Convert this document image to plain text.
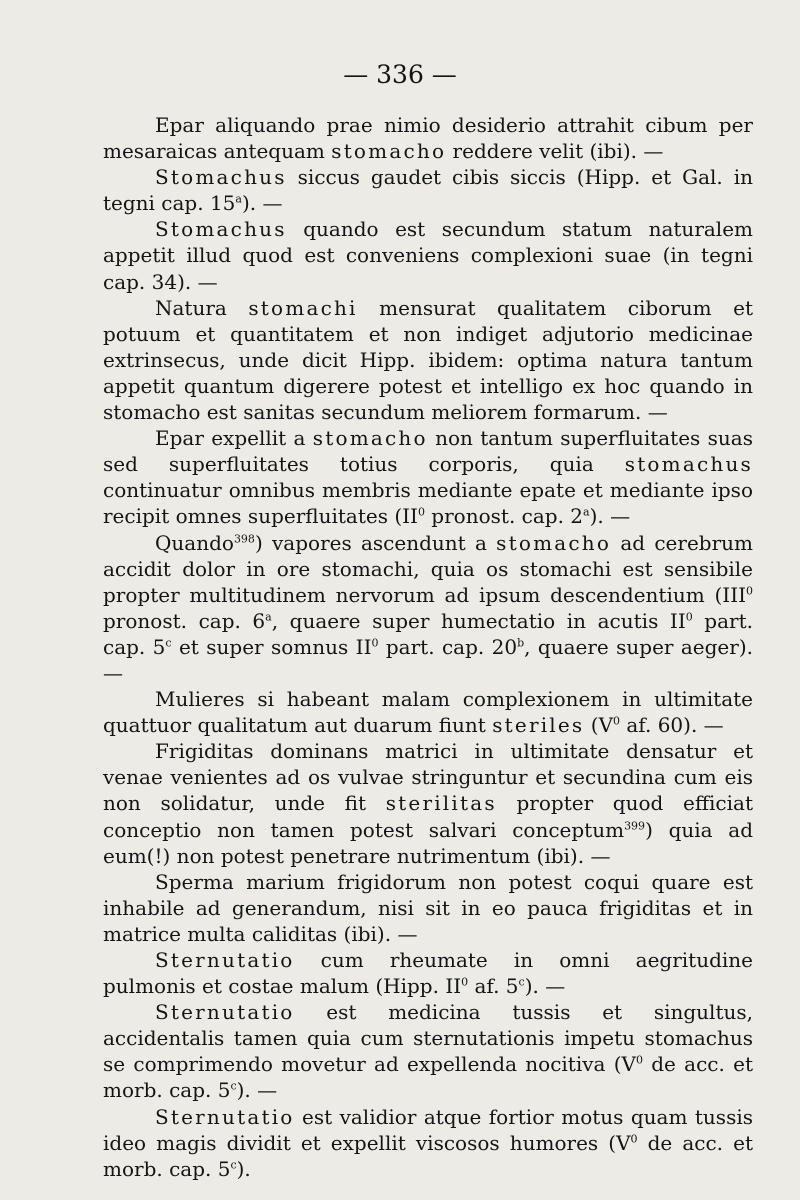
— 336 —

Epar aliquando prae nimio desiderio attrahit cibum per mesaraicas antequam stomacho reddere velit (ibi). —

Stomachus siccus gaudet cibis siccis (Hipp. et Gal. in tegni cap. 15$^a$). —

Stomachus quando est secundum statum naturalem appetit illud quod est conveniens complexioni suae (in tegni cap. 34). —

Natura stomachi mensurat qualitatem ciborum et potuum et quantitatem et non indiget adjutorio medicinae extrinsecus, unde dicit Hipp. ibidem: optima natura tantum appetit quantum digerere potest et intelligo ex hoc quando in stomacho est sanitas secundum meliorem formarum. —

Epar expellit a stomacho non tantum superfluitates suas sed superfluitates totius corporis, quia stomachus continuatur omnibus membris mediante epate et mediante ipso recipit omnes superfluitates ($II^0$ pronost. cap. 2$^a$). —

Quando$^{398}$) vapores ascendunt a stomacho ad cerebrum accidit dolor in ore stomachi, quia os stomachi est sensibile propter multitudinem nervorum ad ipsum descendentium (III$^0$ pronost. cap. 6$^a$, quaere super humectatio in acutis $II^0$ part. cap. 5$^c$ et super somnus $II^0$ part. cap. 20$^b$, quaere super aeger). —

Mulieres si habeant malam complexionem in ultimitate quattuor qualitatum aut duarum fiunt steriles ($V^0$ af. 60). —

Frigiditas dominans matrici in ultimitate densatur et venae venientes ad os vulvae stringuntur et secundina cum eis non solidatur, unde fit sterilitas propter quod efficiat conceptio non tamen potest salvari conceptum$^{399}$) quia ad eum(!) non potest penetrare nutrimentum (ibi). —

Sperma marium frigidorum non potest coqui quare est inhabile ad generandum, nisi sit in eo pauca frigiditas et in matrice multa caliditas (ibi). —

Sternutatio cum rheumate in omni aegritudine pulmonis et costae malum (Hipp. $II^0$ af. 5$^c$). —

Sternutatio est medicina tussis et singultus, accidentalis tamen quia cum sternutationis impetu stomachus se comprimendo movetur ad expellenda nocitiva ($V^0$ de acc. et morb. cap. 5$^c$). —

Sternutatio est validior atque fortior motus quam tussis ideo magis dividit et expellit viscosos humores ($V^0$ de acc. et morb. cap. 5$^c$).
